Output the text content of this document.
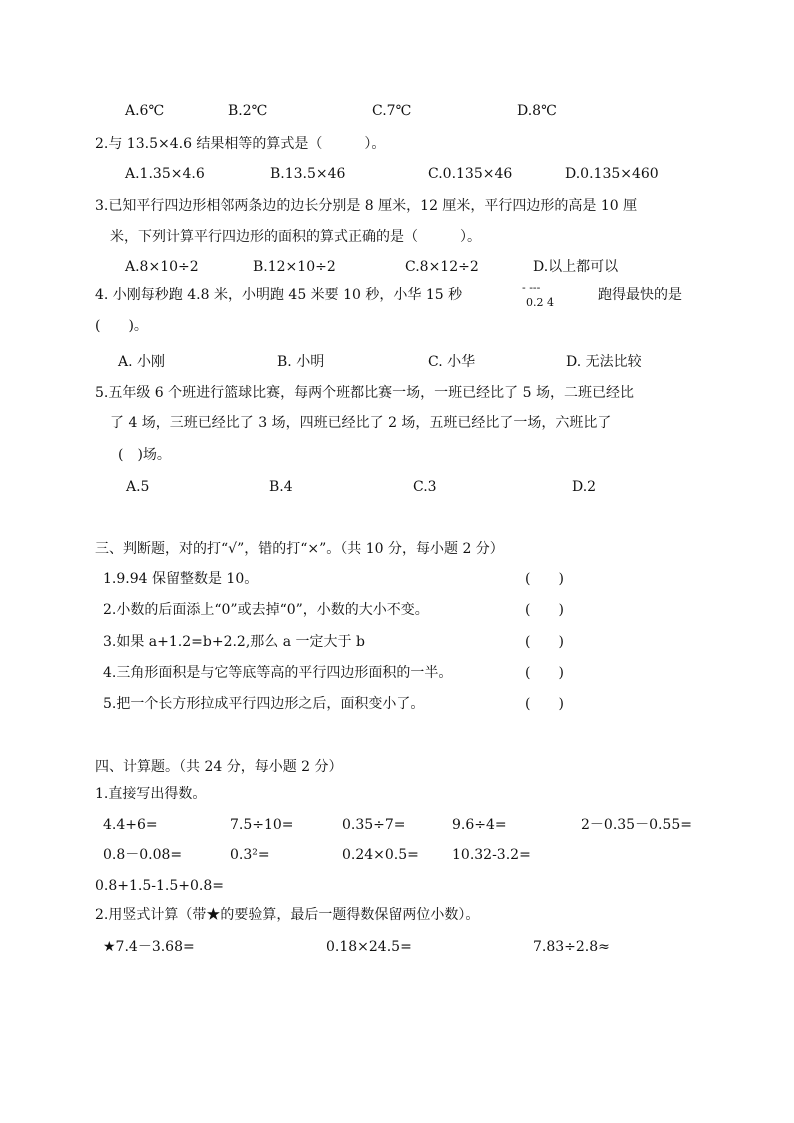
A.6℃	B.2℃	C.7℃	D.8℃
2.与 13.5×4.6 结果相等的算式是（　　　）。
A.1.35×4.6	B.13.5×46	C.0.135×46	D.0.135×460
3.已知平行四边形相邻两条边的边长分别是 8 厘米，12 厘米，平行四边形的高是 10 厘
米，下列计算平行四边形的面积的算式正确的是（　　　）。
A.8×10÷2	B.12×10÷2	C.8×12÷2	D.以上都可以
4. 小刚每秒跑 4.8 米，小明跑 45 米要 10 秒，小华 15 秒	- ---
0.2 4	跑得最快的是
(　　)。
A. 小刚	B. 小明	C. 小华	D. 无法比较
5.五年级 6 个班进行篮球比赛，每两个班都比赛一场，一班已经比了 5 场，二班已经比
了 4 场，三班已经比了 3 场，四班已经比了 2 场，五班已经比了一场，六班比了
(　)场。
A.5	B.4	C.3	D.2
三、判断题，对的打“√”，错的打“×”。（共 10 分，每小题 2 分）
1.9.94 保留整数是 10。	(　　)
2.小数的后面添上“0”或去掉“0”，小数的大小不变。	(　　)
3.如果 a+1.2=b+2.2,那么 a 一定大于 b	(　　)
4.三角形面积是与它等底等高的平行四边形面积的一半。	(　　)
5.把一个长方形拉成平行四边形之后，面积变小了。	(　　)
四、计算题。（共 24 分，每小题 2 分）
1.直接写出得数。
4.4+6=	7.5÷10=	0.35÷7=	9.6÷4=	2－0.35－0.55=
0.8－0.08=	0.3²=	0.24×0.5= 10.32-3.2=
0.8+1.5-1.5+0.8=
2.用竖式计算（带★的要验算，最后一题得数保留两位小数）。
★7.4－3.68=	0.18×24.5=	7.83÷2.8≈
